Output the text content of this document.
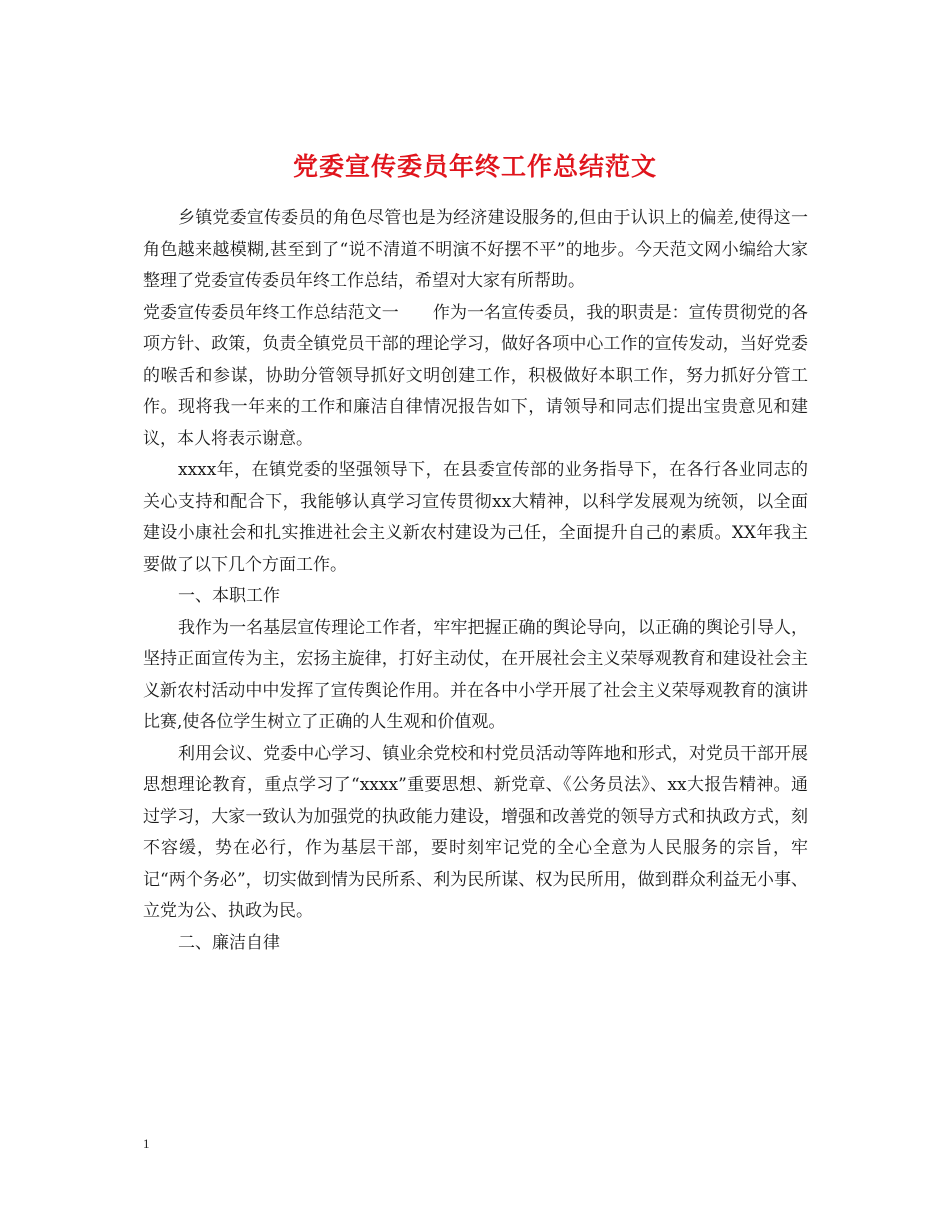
党委宣传委员年终工作总结范文

乡镇党委宣传委员的角色尽管也是为经济建设服务的,但由于认识上的偏差,使得这一角色越来越模糊,甚至到了“说不清道不明演不好摆不平”的地步。今天范文网小编给大家整理了党委宣传委员年终工作总结，希望对大家有所帮助。

党委宣传委员年终工作总结范文一　　作为一名宣传委员，我的职责是：宣传贯彻党的各项方针、政策，负责全镇党员干部的理论学习，做好各项中心工作的宣传发动，当好党委的喉舌和参谋，协助分管领导抓好文明创建工作，积极做好本职工作，努力抓好分管工作。现将我一年来的工作和廉洁自律情况报告如下，请领导和同志们提出宝贵意见和建议，本人将表示谢意。

xxxx年，在镇党委的坚强领导下，在县委宣传部的业务指导下，在各行各业同志的关心支持和配合下，我能够认真学习宣传贯彻xx大精神，以科学发展观为统领，以全面建设小康社会和扎实推进社会主义新农村建设为己任，全面提升自己的素质。XX年我主要做了以下几个方面工作。

一、本职工作

我作为一名基层宣传理论工作者，牢牢把握正确的舆论导向，以正确的舆论引导人，坚持正面宣传为主，宏扬主旋律，打好主动仗，在开展社会主义荣辱观教育和建设社会主义新农村活动中中发挥了宣传舆论作用。并在各中小学开展了社会主义荣辱观教育的演讲比赛,使各位学生树立了正确的人生观和价值观。

利用会议、党委中心学习、镇业余党校和村党员活动等阵地和形式，对党员干部开展思想理论教育，重点学习了“xxxx”重要思想、新党章、《公务员法》、xx大报告精神。通过学习，大家一致认为加强党的执政能力建设，增强和改善党的领导方式和执政方式，刻不容缓，势在必行，作为基层干部，要时刻牢记党的全心全意为人民服务的宗旨，牢记“两个务必”，切实做到情为民所系、利为民所谋、权为民所用，做到群众利益无小事、立党为公、执政为民。

二、廉洁自律

1
